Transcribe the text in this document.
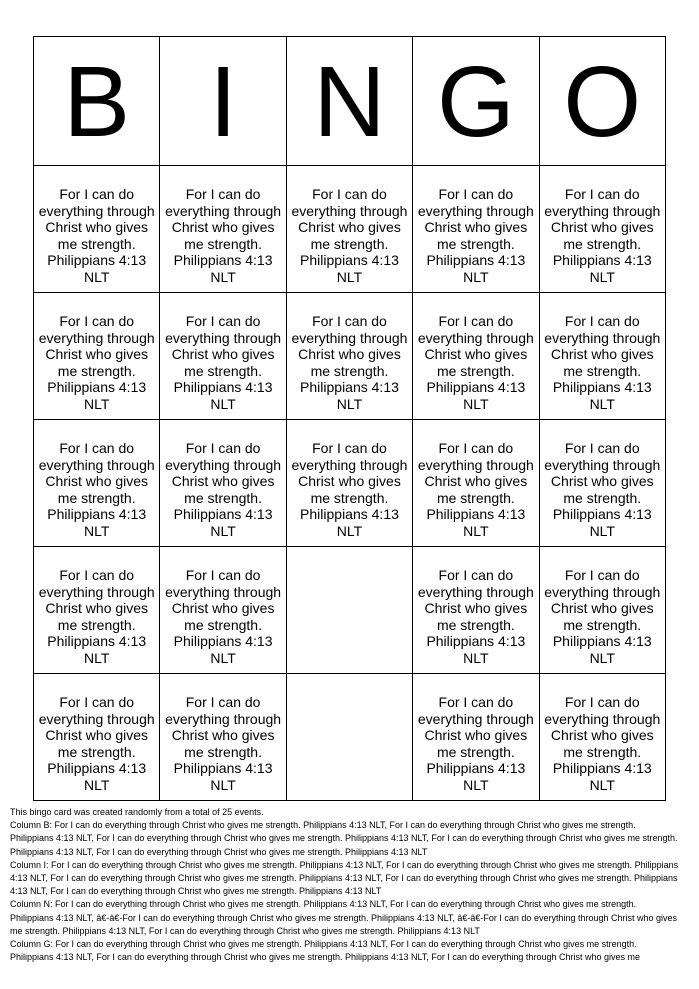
B	I	N	G	O

For I can do everything through Christ who gives me strength. Philippians 4:13 NLT	For I can do everything through Christ who gives me strength. Philippians 4:13 NLT	For I can do everything through Christ who gives me strength. Philippians 4:13 NLT	For I can do everything through Christ who gives me strength. Philippians 4:13 NLT	For I can do everything through Christ who gives me strength. Philippians 4:13 NLT

For I can do everything through Christ who gives me strength. Philippians 4:13 NLT	For I can do everything through Christ who gives me strength. Philippians 4:13 NLT	For I can do everything through Christ who gives me strength. Philippians 4:13 NLT	For I can do everything through Christ who gives me strength. Philippians 4:13 NLT	For I can do everything through Christ who gives me strength. Philippians 4:13 NLT

For I can do everything through Christ who gives me strength. Philippians 4:13 NLT	For I can do everything through Christ who gives me strength. Philippians 4:13 NLT	For I can do everything through Christ who gives me strength. Philippians 4:13 NLT	For I can do everything through Christ who gives me strength. Philippians 4:13 NLT	For I can do everything through Christ who gives me strength. Philippians 4:13 NLT

For I can do everything through Christ who gives me strength. Philippians 4:13 NLT	For I can do everything through Christ who gives me strength. Philippians 4:13 NLT		For I can do everything through Christ who gives me strength. Philippians 4:13 NLT	For I can do everything through Christ who gives me strength. Philippians 4:13 NLT

For I can do everything through Christ who gives me strength. Philippians 4:13 NLT	For I can do everything through Christ who gives me strength. Philippians 4:13 NLT		For I can do everything through Christ who gives me strength. Philippians 4:13 NLT	For I can do everything through Christ who gives me strength. Philippians 4:13 NLT

This bingo card was created randomly from a total of 25 events.

Column B: For I can do everything through Christ who gives me strength. Philippians 4:13 NLT, For I can do everything through Christ who gives me strength. Philippians 4:13 NLT, For I can do everything through Christ who gives me strength. Philippians 4:13 NLT, For I can do everything through Christ who gives me strength. Philippians 4:13 NLT, For I can do everything through Christ who gives me strength. Philippians 4:13 NLT

Column I: For I can do everything through Christ who gives me strength. Philippians 4:13 NLT, For I can do everything through Christ who gives me strength. Philippians 4:13 NLT, For I can do everything through Christ who gives me strength. Philippians 4:13 NLT, For I can do everything through Christ who gives me strength. Philippians 4:13 NLT, For I can do everything through Christ who gives me strength. Philippians 4:13 NLT

Column N: For I can do everything through Christ who gives me strength. Philippians 4:13 NLT, For I can do everything through Christ who gives me strength. Philippians 4:13 NLT, â€-â€-For I can do everything through Christ who gives me strength. Philippians 4:13 NLT, â€-â€-For I can do everything through Christ who gives me strength. Philippians 4:13 NLT, For I can do everything through Christ who gives me strength. Philippians 4:13 NLT

Column G: For I can do everything through Christ who gives me strength. Philippians 4:13 NLT, For I can do everything through Christ who gives me strength. Philippians 4:13 NLT, For I can do everything through Christ who gives me strength. Philippians 4:13 NLT, For I can do everything through Christ who gives me
